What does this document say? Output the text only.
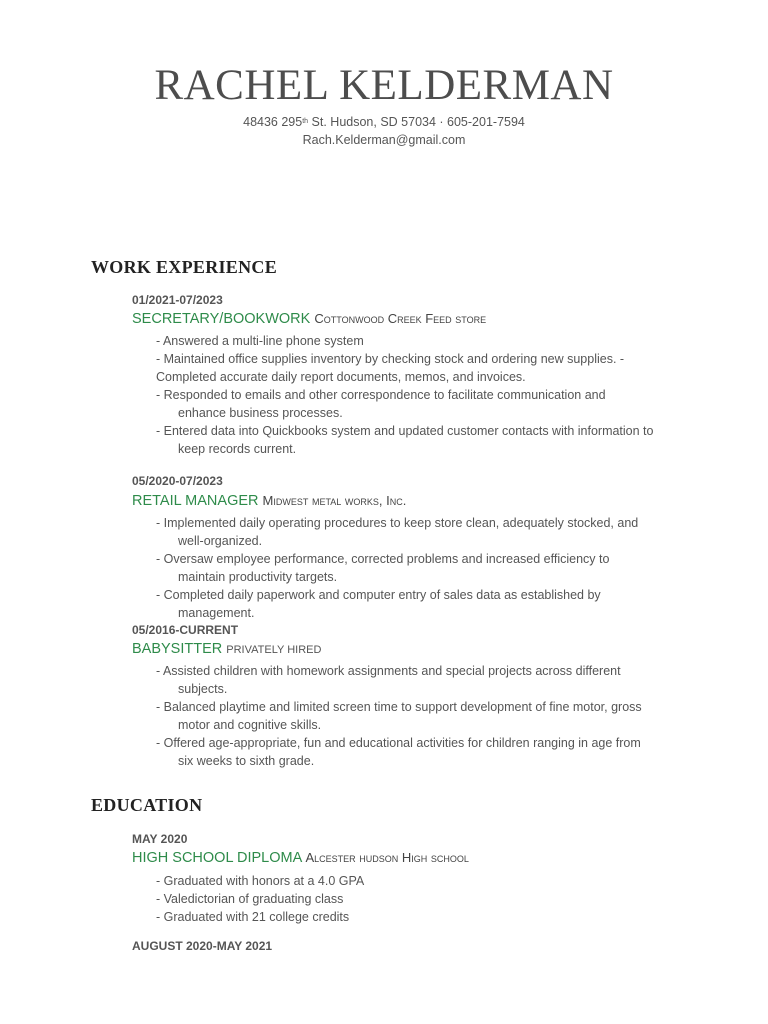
RACHEL KELDERMAN
48436 295th St. Hudson, SD 57034 · 605-201-7594
Rach.Kelderman@gmail.com
WORK EXPERIENCE
01/2021-07/2023
SECRETARY/BOOKWORK Cottonwood Creek Feed store
- Answered a multi-line phone system
- Maintained office supplies inventory by checking stock and ordering new supplies. -
Completed accurate daily report documents, memos, and invoices.
- Responded to emails and other correspondence to facilitate communication and
enhance business processes.
- Entered data into Quickbooks system and updated customer contacts with information to
keep records current.
05/2020-07/2023
RETAIL MANAGER Midwest metal works, Inc.
- Implemented daily operating procedures to keep store clean, adequately stocked, and
well-organized.
- Oversaw employee performance, corrected problems and increased efficiency to
maintain productivity targets.
- Completed daily paperwork and computer entry of sales data as established by
management.
05/2016-CURRENT
BABYSITTER PRIVATELY HIRED
- Assisted children with homework assignments and special projects across different
subjects.
- Balanced playtime and limited screen time to support development of fine motor, gross
motor and cognitive skills.
- Offered age-appropriate, fun and educational activities for children ranging in age from
six weeks to sixth grade.
EDUCATION
MAY 2020
HIGH SCHOOL DIPLOMA Alcester hudson High school
- Graduated with honors at a 4.0 GPA
- Valedictorian of graduating class
- Graduated with 21 college credits
AUGUST 2020-MAY 2021
